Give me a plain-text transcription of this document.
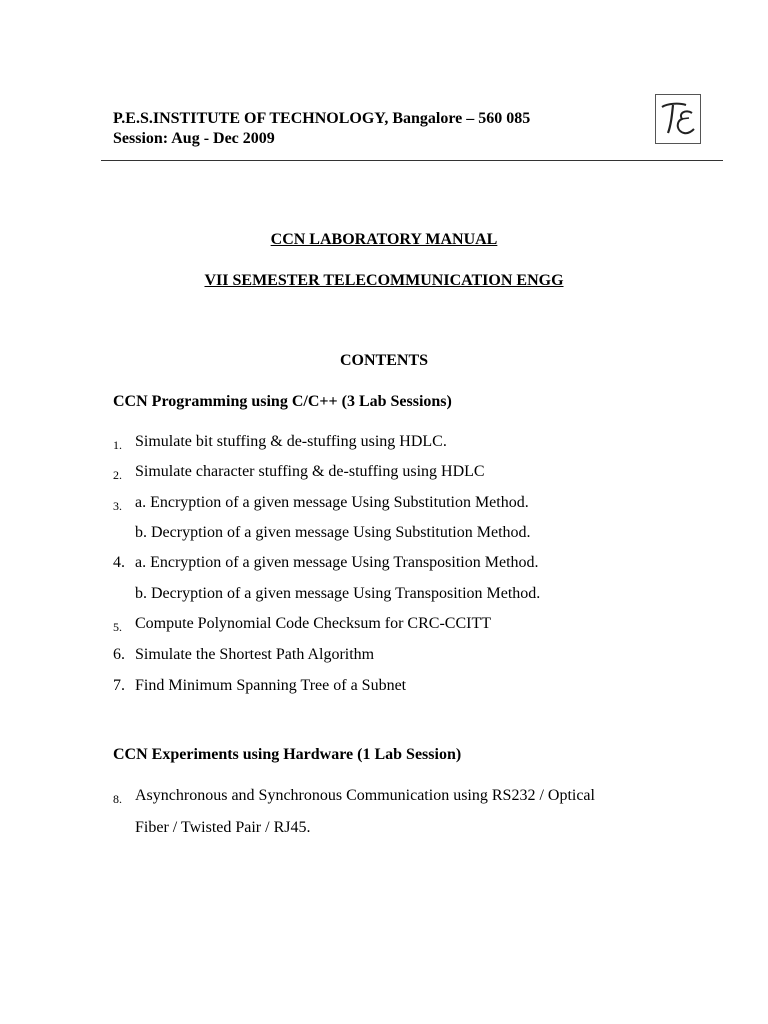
P.E.S.INSTITUTE OF TECHNOLOGY, Bangalore – 560 085
Session: Aug - Dec 2009
CCN LABORATORY MANUAL
VII SEMESTER TELECOMMUNICATION ENGG
CONTENTS
CCN Programming using C/C++ (3 Lab Sessions)
1. Simulate bit stuffing & de-stuffing using HDLC.
2. Simulate character stuffing & de-stuffing using HDLC
3. a. Encryption of a given message Using Substitution Method.
b. Decryption of a given message Using Substitution Method.
4. a. Encryption of a given message Using Transposition Method.
b. Decryption of a given message Using Transposition Method.
5. Compute Polynomial Code Checksum for CRC-CCITT
6. Simulate the Shortest Path Algorithm
7. Find Minimum Spanning Tree of a Subnet
CCN Experiments using Hardware (1 Lab Session)
8. Asynchronous and Synchronous Communication using RS232 / Optical
Fiber / Twisted Pair / RJ45.
